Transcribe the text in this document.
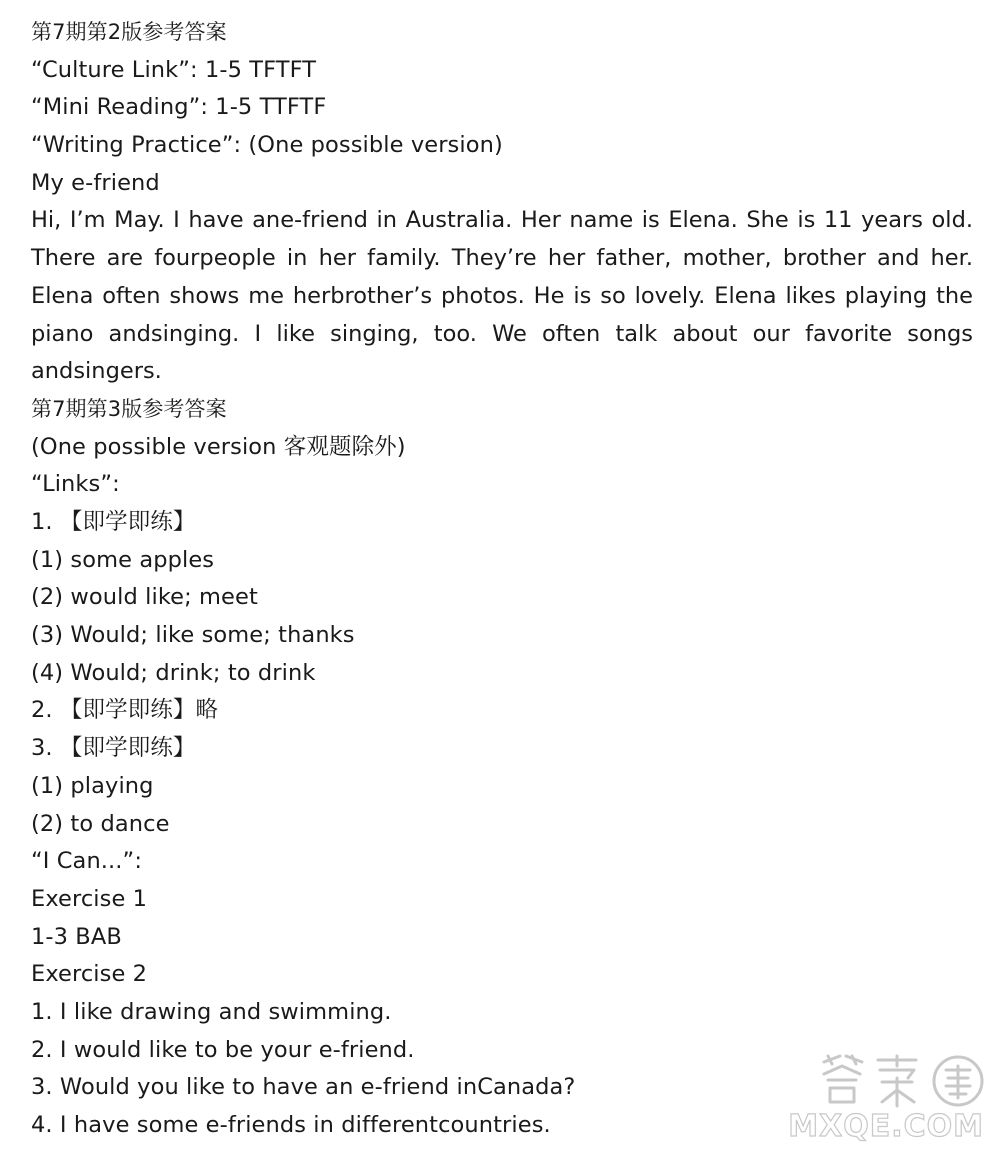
第7期第2版参考答案
“Culture Link”: 1-5 TFTFT
“Mini Reading”: 1-5 TTFTF
“Writing Practice”: (One possible version)
My e-friend
Hi, I’m May. I have ane-friend in Australia. Her name is Elena. She is 11 years old. There are fourpeople in her family. They’re her father, mother, brother and her. Elena often shows me herbrother’s photos. He is so lovely. Elena likes playing the piano andsinging. I like singing, too. We often talk about our favorite songs andsingers.
第7期第3版参考答案
(One possible version 客观题除外)
“Links”:
1. 【即学即练】
(1) some apples
(2) would like; meet
(3) Would; like some; thanks
(4) Would; drink; to drink
2. 【即学即练】略
3. 【即学即练】
(1) playing
(2) to dance
“I Can...”:
Exercise 1
1-3 BAB
Exercise 2
1. I like drawing and swimming.
2. I would like to be your e-friend.
3. Would you like to have an e-friend inCanada?
4. I have some e-friends in differentcountries.	MXQE.COM
